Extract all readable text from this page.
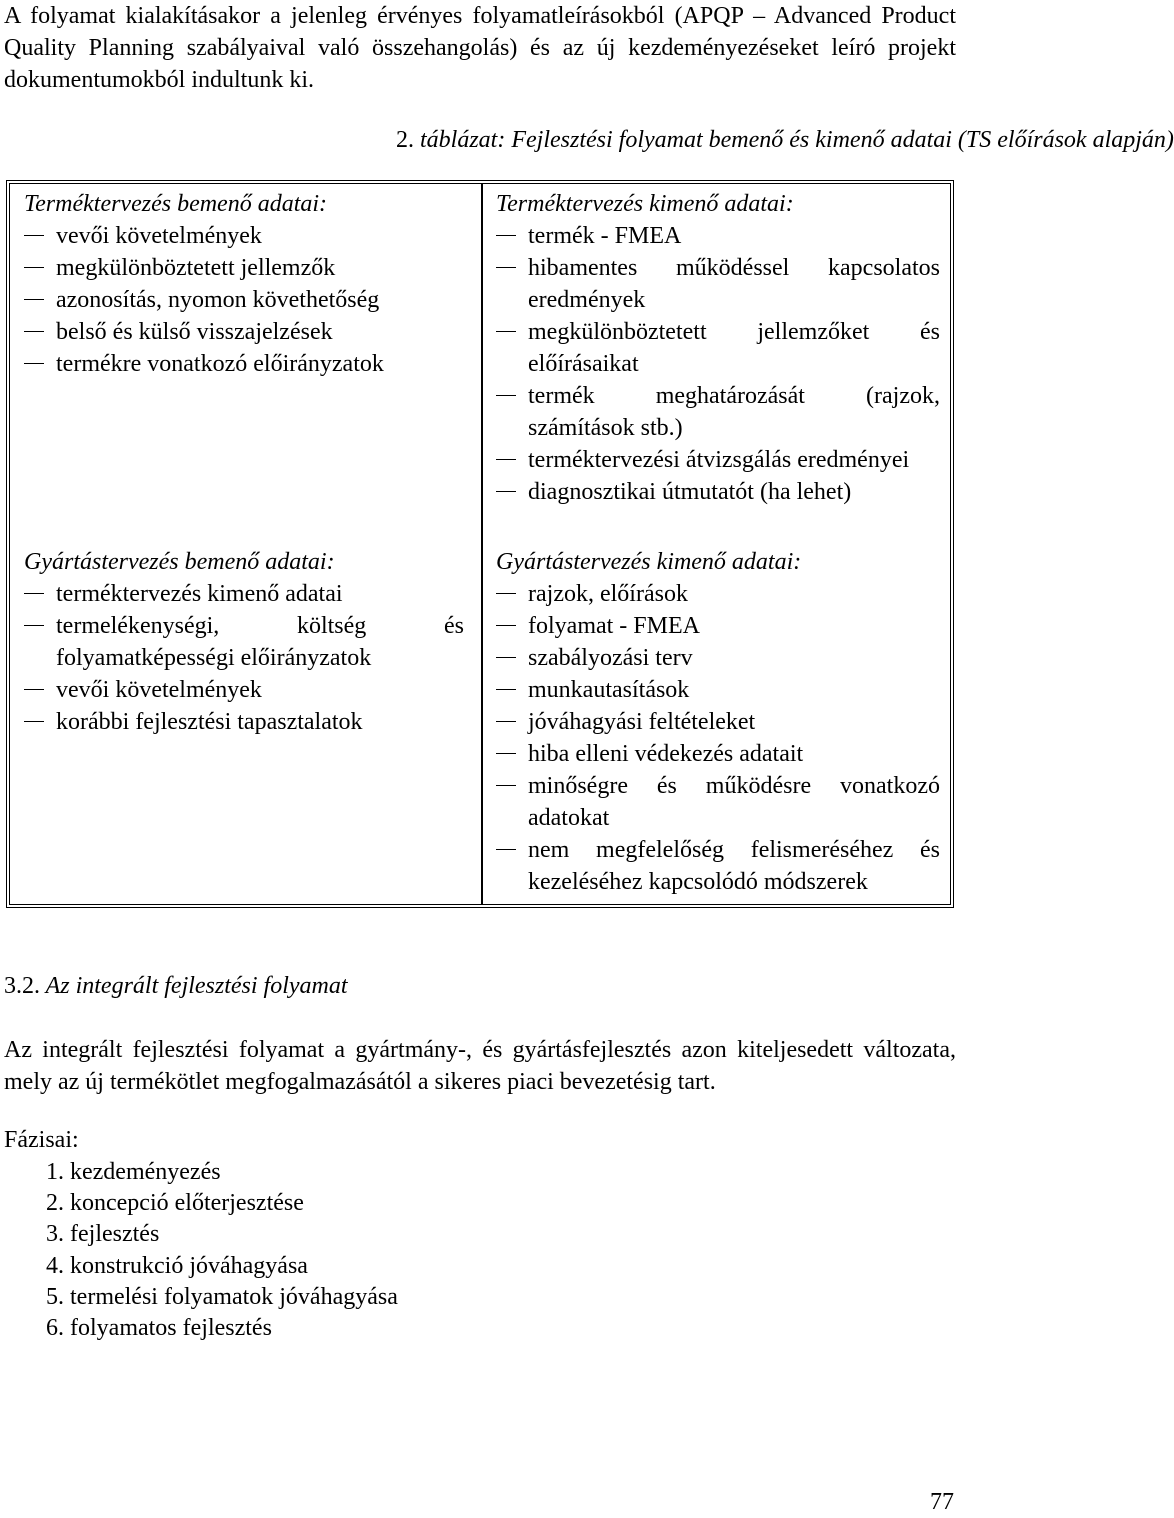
A folyamat kialakításakor a jelenleg érvényes folyamatleírásokból (APQP – Advanced Product Quality Planning szabályaival való összehangolás) és az új kezdeményezéseket leíró projekt dokumentumokból indultunk ki.

2. táblázat: Fejlesztési folyamat bemenő és kimenő adatai (TS előírások alapján)

Terméktervezés bemenő adatai:

vevői követelmények
megkülönböztetett jellemzők
azonosítás, nyomon követhetőség
belső és külső visszajelzések
termékre vonatkozó előirányzatok

Gyártástervezés bemenő adatai:

terméktervezés kimenő adatai
termelékenységi, költség és folyamatképességi előirányzatok
vevői követelmények
korábbi fejlesztési tapasztalatok

Terméktervezés kimenő adatai:

termék - FMEA
hibamentes működéssel kapcsolatos eredmények
megkülönböztetett jellemzőket és előírásaikat
termék meghatározását (rajzok, számítások stb.)
terméktervezési átvizsgálás eredményei
diagnosztikai útmutatót (ha lehet)

Gyártástervezés kimenő adatai:

rajzok, előírások
folyamat - FMEA
szabályozási terv
munkautasítások
jóváhagyási feltételeket
hiba elleni védekezés adatait
minőségre és működésre vonatkozó adatokat
nem megfelelőség felismeréséhez és kezeléséhez kapcsolódó módszerek

3.2. Az integrált fejlesztési folyamat

Az integrált fejlesztési folyamat a gyártmány-, és gyártásfejlesztés azon kiteljesedett változata, mely az új termékötlet megfogalmazásától a sikeres piaci bevezetésig tart.

Fázisai:

1. kezdeményezés
2. koncepció előterjesztése
3. fejlesztés
4. konstrukció jóváhagyása
5. termelési folyamatok jóváhagyása
6. folyamatos fejlesztés

77
